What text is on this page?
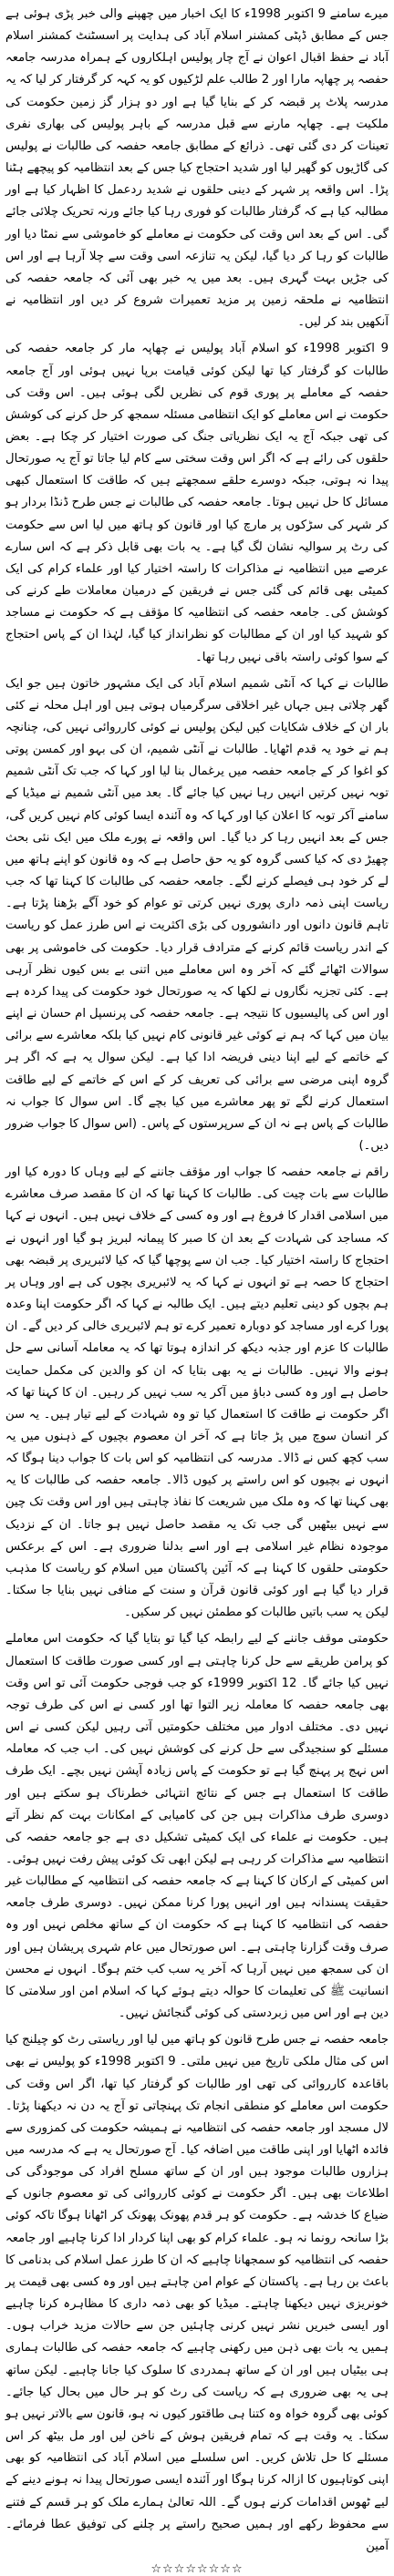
میرے سامنے 9 اکتوبر 1998ء کا ایک اخبار میں چھپنے والی خبر پڑی ہوئی ہے جس کے مطابق ڈپٹی کمشنر اسلام آباد کی ہدایت پر اسسٹنٹ کمشنر اسلام آباد نے حفظ اقبال اعوان نے آج چار پولیس اہلکاروں کے ہمراہ مدرسہ جامعہ حفصہ پر چھاپہ مارا اور 2 طالب علم لڑکیوں کو یہ کہہ کر گرفتار کر لیا کہ یہ مدرسہ پلاٹ پر قبضہ کر کے بنایا گیا ہے اور دو ہزار گز زمین حکومت کی ملکیت ہے۔ چھاپہ مارنے سے قبل مدرسہ کے باہر پولیس کی بھاری نفری تعینات کر دی گئی تھی۔ ذرائع کے مطابق جامعہ حفصہ کی طالبات نے پولیس کی گاڑیوں کو گھیر لیا اور شدید احتجاج کیا جس کے بعد انتظامیہ کو پیچھے ہٹنا پڑا۔ اس واقعہ پر شہر کے دینی حلقوں نے شدید ردعمل کا اظہار کیا ہے اور مطالبہ کیا ہے کہ گرفتار طالبات کو فوری رہا کیا جائے ورنہ تحریک چلائی جائے گی۔ اس کے بعد اس وقت کی حکومت نے معاملے کو خاموشی سے نمٹا دیا اور طالبات کو رہا کر دیا گیا، لیکن یہ تنازعہ اسی وقت سے چلا آرہا ہے اور اس کی جڑیں بہت گہری ہیں۔ بعد میں یہ خبر بھی آئی کہ جامعہ حفصہ کی انتظامیہ نے ملحقہ زمین پر مزید تعمیرات شروع کر دیں اور انتظامیہ نے آنکھیں بند کر لیں۔

9 اکتوبر 1998ء کو اسلام آباد پولیس نے چھاپہ مار کر جامعہ حفصہ کی طالبات کو گرفتار کیا تھا لیکن کوئی قیامت برپا نہیں ہوئی اور آج جامعہ حفصہ کے معاملے پر پوری قوم کی نظریں لگی ہوئی ہیں۔ اس وقت کی حکومت نے اس معاملے کو ایک انتظامی مسئلہ سمجھ کر حل کرنے کی کوشش کی تھی جبکہ آج یہ ایک نظریاتی جنگ کی صورت اختیار کر چکا ہے۔ بعض حلقوں کی رائے ہے کہ اگر اس وقت سختی سے کام لیا جاتا تو آج یہ صورتحال پیدا نہ ہوتی، جبکہ دوسرے حلقے سمجھتے ہیں کہ طاقت کا استعمال کبھی مسائل کا حل نہیں ہوتا۔ جامعہ حفصہ کی طالبات نے جس طرح ڈنڈا بردار ہو کر شہر کی سڑکوں پر مارچ کیا اور قانون کو ہاتھ میں لیا اس سے حکومت کی رٹ پر سوالیہ نشان لگ گیا ہے۔ یہ بات بھی قابل ذکر ہے کہ اس سارے عرصے میں انتظامیہ نے مذاکرات کا راستہ اختیار کیا اور علماء کرام کی ایک کمیٹی بھی قائم کی گئی جس نے فریقین کے درمیان معاملات طے کرنے کی کوشش کی۔ جامعہ حفصہ کی انتظامیہ کا مؤقف ہے کہ حکومت نے مساجد کو شہید کیا اور ان کے مطالبات کو نظرانداز کیا گیا، لہٰذا ان کے پاس احتجاج کے سوا کوئی راستہ باقی نہیں رہا تھا۔

طالبات نے کہا کہ آنٹی شمیم اسلام آباد کی ایک مشہور خاتون ہیں جو ایک گھر چلاتی ہیں جہاں غیر اخلاقی سرگرمیاں ہوتی ہیں اور اہل محلہ نے کئی بار ان کے خلاف شکایات کیں لیکن پولیس نے کوئی کارروائی نہیں کی، چنانچہ ہم نے خود یہ قدم اٹھایا۔ طالبات نے آنٹی شمیم، ان کی بہو اور کمسن پوتی کو اغوا کر کے جامعہ حفصہ میں یرغمال بنا لیا اور کہا کہ جب تک آنٹی شمیم توبہ نہیں کرتیں انہیں رہا نہیں کیا جائے گا۔ بعد میں آنٹی شمیم نے میڈیا کے سامنے آکر توبہ کا اعلان کیا اور کہا کہ وہ آئندہ ایسا کوئی کام نہیں کریں گی، جس کے بعد انہیں رہا کر دیا گیا۔ اس واقعہ نے پورے ملک میں ایک نئی بحث چھیڑ دی کہ کیا کسی گروہ کو یہ حق حاصل ہے کہ وہ قانون کو اپنے ہاتھ میں لے کر خود ہی فیصلے کرنے لگے۔ جامعہ حفصہ کی طالبات کا کہنا تھا کہ جب ریاست اپنی ذمہ داری پوری نہیں کرتی تو عوام کو خود آگے بڑھنا پڑتا ہے۔ تاہم قانون دانوں اور دانشوروں کی بڑی اکثریت نے اس طرز عمل کو ریاست کے اندر ریاست قائم کرنے کے مترادف قرار دیا۔ حکومت کی خاموشی پر بھی سوالات اٹھائے گئے کہ آخر وہ اس معاملے میں اتنی بے بس کیوں نظر آرہی ہے۔ کئی تجزیہ نگاروں نے لکھا کہ یہ صورتحال خود حکومت کی پیدا کردہ ہے اور اس کی پالیسیوں کا نتیجہ ہے۔ جامعہ حفصہ کی پرنسپل ام حسان نے اپنے بیان میں کہا کہ ہم نے کوئی غیر قانونی کام نہیں کیا بلکہ معاشرے سے برائی کے خاتمے کے لیے اپنا دینی فریضہ ادا کیا ہے۔ لیکن سوال یہ ہے کہ اگر ہر گروہ اپنی مرضی سے برائی کی تعریف کر کے اس کے خاتمے کے لیے طاقت استعمال کرنے لگے تو پھر معاشرے میں کیا بچے گا۔ اس سوال کا جواب نہ طالبات کے پاس ہے نہ ان کے سرپرستوں کے پاس۔ (اس سوال کا جواب ضرور دیں۔)

راقم نے جامعہ حفصہ کا جواب اور مؤقف جاننے کے لیے وہاں کا دورہ کیا اور طالبات سے بات چیت کی۔ طالبات کا کہنا تھا کہ ان کا مقصد صرف معاشرے میں اسلامی اقدار کا فروغ ہے اور وہ کسی کے خلاف نہیں ہیں۔ انہوں نے کہا کہ مساجد کی شہادت کے بعد ان کا صبر کا پیمانہ لبریز ہو گیا اور انہوں نے احتجاج کا راستہ اختیار کیا۔ جب ان سے پوچھا گیا کہ کیا لائبریری پر قبضہ بھی احتجاج کا حصہ ہے تو انہوں نے کہا کہ یہ لائبریری بچوں کی ہے اور وہاں پر ہم بچوں کو دینی تعلیم دیتے ہیں۔ ایک طالبہ نے کہا کہ اگر حکومت اپنا وعدہ پورا کرے اور مساجد کو دوبارہ تعمیر کرے تو ہم لائبریری خالی کر دیں گے۔ ان طالبات کا عزم اور جذبہ دیکھ کر اندازہ ہوتا تھا کہ یہ معاملہ آسانی سے حل ہونے والا نہیں۔ طالبات نے یہ بھی بتایا کہ ان کو والدین کی مکمل حمایت حاصل ہے اور وہ کسی دباؤ میں آکر یہ سب نہیں کر رہیں۔ ان کا کہنا تھا کہ اگر حکومت نے طاقت کا استعمال کیا تو وہ شہادت کے لیے تیار ہیں۔ یہ سن کر انسان سوچ میں پڑ جاتا ہے کہ آخر ان معصوم بچیوں کے ذہنوں میں یہ سب کچھ کس نے ڈالا۔ مدرسہ کی انتظامیہ کو اس بات کا جواب دینا ہوگا کہ انہوں نے بچیوں کو اس راستے پر کیوں ڈالا۔ جامعہ حفصہ کی طالبات کا یہ بھی کہنا تھا کہ وہ ملک میں شریعت کا نفاذ چاہتی ہیں اور اس وقت تک چین سے نہیں بیٹھیں گی جب تک یہ مقصد حاصل نہیں ہو جاتا۔ ان کے نزدیک موجودہ نظام غیر اسلامی ہے اور اسے بدلنا ضروری ہے۔ اس کے برعکس حکومتی حلقوں کا کہنا ہے کہ آئین پاکستان میں اسلام کو ریاست کا مذہب قرار دیا گیا ہے اور کوئی قانون قرآن و سنت کے منافی نہیں بنایا جا سکتا۔ لیکن یہ سب باتیں طالبات کو مطمئن نہیں کر سکیں۔

حکومتی موقف جاننے کے لیے رابطہ کیا گیا تو بتایا گیا کہ حکومت اس معاملے کو پرامن طریقے سے حل کرنا چاہتی ہے اور کسی صورت طاقت کا استعمال نہیں کیا جائے گا۔ 12 اکتوبر 1999ء کو جب فوجی حکومت آئی تو اس وقت بھی جامعہ حفصہ کا معاملہ زیر التوا تھا اور کسی نے اس کی طرف توجہ نہیں دی۔ مختلف ادوار میں مختلف حکومتیں آتی رہیں لیکن کسی نے اس مسئلے کو سنجیدگی سے حل کرنے کی کوشش نہیں کی۔ اب جب کہ معاملہ اس نہج پر پہنچ گیا ہے تو حکومت کے پاس زیادہ آپشن نہیں بچے۔ ایک طرف طاقت کا استعمال ہے جس کے نتائج انتہائی خطرناک ہو سکتے ہیں اور دوسری طرف مذاکرات ہیں جن کی کامیابی کے امکانات بہت کم نظر آتے ہیں۔ حکومت نے علماء کی ایک کمیٹی تشکیل دی ہے جو جامعہ حفصہ کی انتظامیہ سے مذاکرات کر رہی ہے لیکن ابھی تک کوئی پیش رفت نہیں ہوئی۔ اس کمیٹی کے ارکان کا کہنا ہے کہ جامعہ حفصہ کی انتظامیہ کے مطالبات غیر حقیقت پسندانہ ہیں اور انہیں پورا کرنا ممکن نہیں۔ دوسری طرف جامعہ حفصہ کی انتظامیہ کا کہنا ہے کہ حکومت ان کے ساتھ مخلص نہیں اور وہ صرف وقت گزارنا چاہتی ہے۔ اس صورتحال میں عام شہری پریشان ہیں اور ان کی سمجھ میں نہیں آرہا کہ آخر یہ سب کب ختم ہوگا۔ انہوں نے محسن انسانیت ﷺ کی تعلیمات کا حوالہ دیتے ہوئے کہا کہ اسلام امن اور سلامتی کا دین ہے اور اس میں زبردستی کی کوئی گنجائش نہیں۔

جامعہ حفصہ نے جس طرح قانون کو ہاتھ میں لیا اور ریاستی رٹ کو چیلنج کیا اس کی مثال ملکی تاریخ میں نہیں ملتی۔ 9 اکتوبر 1998ء کو پولیس نے بھی باقاعدہ کارروائی کی تھی اور طالبات کو گرفتار کیا تھا، اگر اس وقت کی حکومت اس معاملے کو منطقی انجام تک پہنچاتی تو آج یہ دن نہ دیکھنا پڑتا۔ لال مسجد اور جامعہ حفصہ کی انتظامیہ نے ہمیشہ حکومت کی کمزوری سے فائدہ اٹھایا اور اپنی طاقت میں اضافہ کیا۔ آج صورتحال یہ ہے کہ مدرسہ میں ہزاروں طالبات موجود ہیں اور ان کے ساتھ مسلح افراد کی موجودگی کی اطلاعات بھی ہیں۔ اگر حکومت نے کوئی کارروائی کی تو معصوم جانوں کے ضیاع کا خدشہ ہے۔ حکومت کو ہر قدم پھونک پھونک کر اٹھانا ہوگا تاکہ کوئی بڑا سانحہ رونما نہ ہو۔ علماء کرام کو بھی اپنا کردار ادا کرنا چاہیے اور جامعہ حفصہ کی انتظامیہ کو سمجھانا چاہیے کہ ان کا طرز عمل اسلام کی بدنامی کا باعث بن رہا ہے۔ پاکستان کے عوام امن چاہتے ہیں اور وہ کسی بھی قیمت پر خونریزی نہیں دیکھنا چاہتے۔ میڈیا کو بھی ذمہ داری کا مظاہرہ کرنا چاہیے اور ایسی خبریں نشر نہیں کرنی چاہئیں جن سے حالات مزید خراب ہوں۔ ہمیں یہ بات بھی ذہن میں رکھنی چاہیے کہ جامعہ حفصہ کی طالبات ہماری ہی بیٹیاں ہیں اور ان کے ساتھ ہمدردی کا سلوک کیا جانا چاہیے۔ لیکن ساتھ ہی یہ بھی ضروری ہے کہ ریاست کی رٹ کو ہر حال میں بحال کیا جائے۔ کوئی بھی گروہ خواہ وہ کتنا ہی طاقتور کیوں نہ ہو، قانون سے بالاتر نہیں ہو سکتا۔ یہ وقت ہے کہ تمام فریقین ہوش کے ناخن لیں اور مل بیٹھ کر اس مسئلے کا حل تلاش کریں۔ اس سلسلے میں اسلام آباد کی انتظامیہ کو بھی اپنی کوتاہیوں کا ازالہ کرنا ہوگا اور آئندہ ایسی صورتحال پیدا نہ ہونے دینے کے لیے ٹھوس اقدامات کرنے ہوں گے۔ اللہ تعالیٰ ہمارے ملک کو ہر قسم کے فتنے سے محفوظ رکھے اور ہمیں صحیح راستے پر چلنے کی توفیق عطا فرمائے۔ آمین

☆☆☆☆☆☆☆☆
